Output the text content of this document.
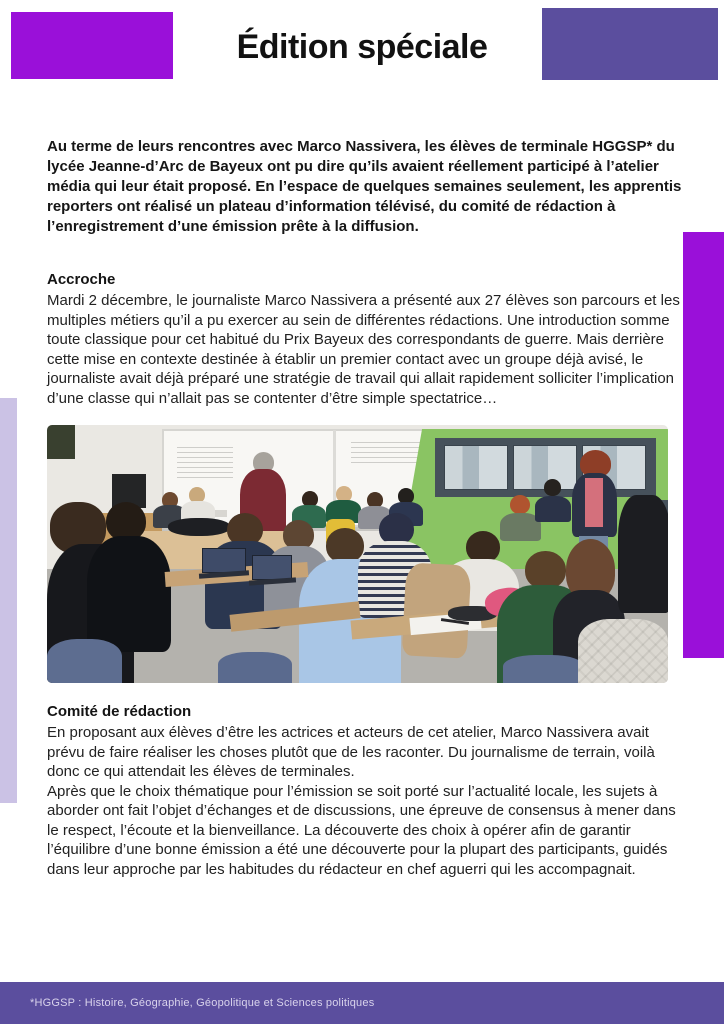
Édition spéciale

Au terme de leurs rencontres avec Marco Nassivera, les élèves de terminale HGGSP* du lycée Jeanne-d’Arc de Bayeux ont pu dire qu’ils avaient réellement participé à l’atelier média qui leur était proposé. En l’espace de quelques semaines seulement, les apprentis reporters ont réalisé un plateau d’information télévisé, du comité de rédaction à l’enregistrement d’une émission prête à la diffusion.

Accroche

Mardi 2 décembre, le journaliste Marco Nassivera a présenté aux 27 élèves son parcours et les multiples métiers qu’il a pu exercer au sein de différentes rédactions. Une introduction somme toute classique pour cet habitué du Prix Bayeux des correspondants de guerre. Mais derrière cette mise en contexte destinée à établir un premier contact avec un groupe déjà avisé, le journaliste avait déjà préparé une stratégie de travail qui allait rapidement solliciter l’implication d’une classe qui n’allait pas se contenter d’être simple spectatrice…

Comité de rédaction

En proposant aux élèves d’être les actrices et acteurs de cet atelier, Marco Nassivera avait prévu de faire réaliser les choses plutôt que de les raconter. Du journalisme de terrain, voilà donc ce qui attendait les élèves de terminales.

Après que le choix thématique pour l’émission se soit porté sur l’actualité locale, les sujets à aborder ont fait l’objet d’échanges et de discussions, une épreuve de consensus à mener dans le respect, l’écoute et la bienveillance. La découverte des choix à opérer afin de garantir l’équilibre d’une bonne émission a été une découverte pour la plupart des participants, guidés dans leur approche par les habitudes du rédacteur en chef aguerri qui les accompagnait.

*HGGSP : Histoire, Géographie, Géopolitique et Sciences politiques
